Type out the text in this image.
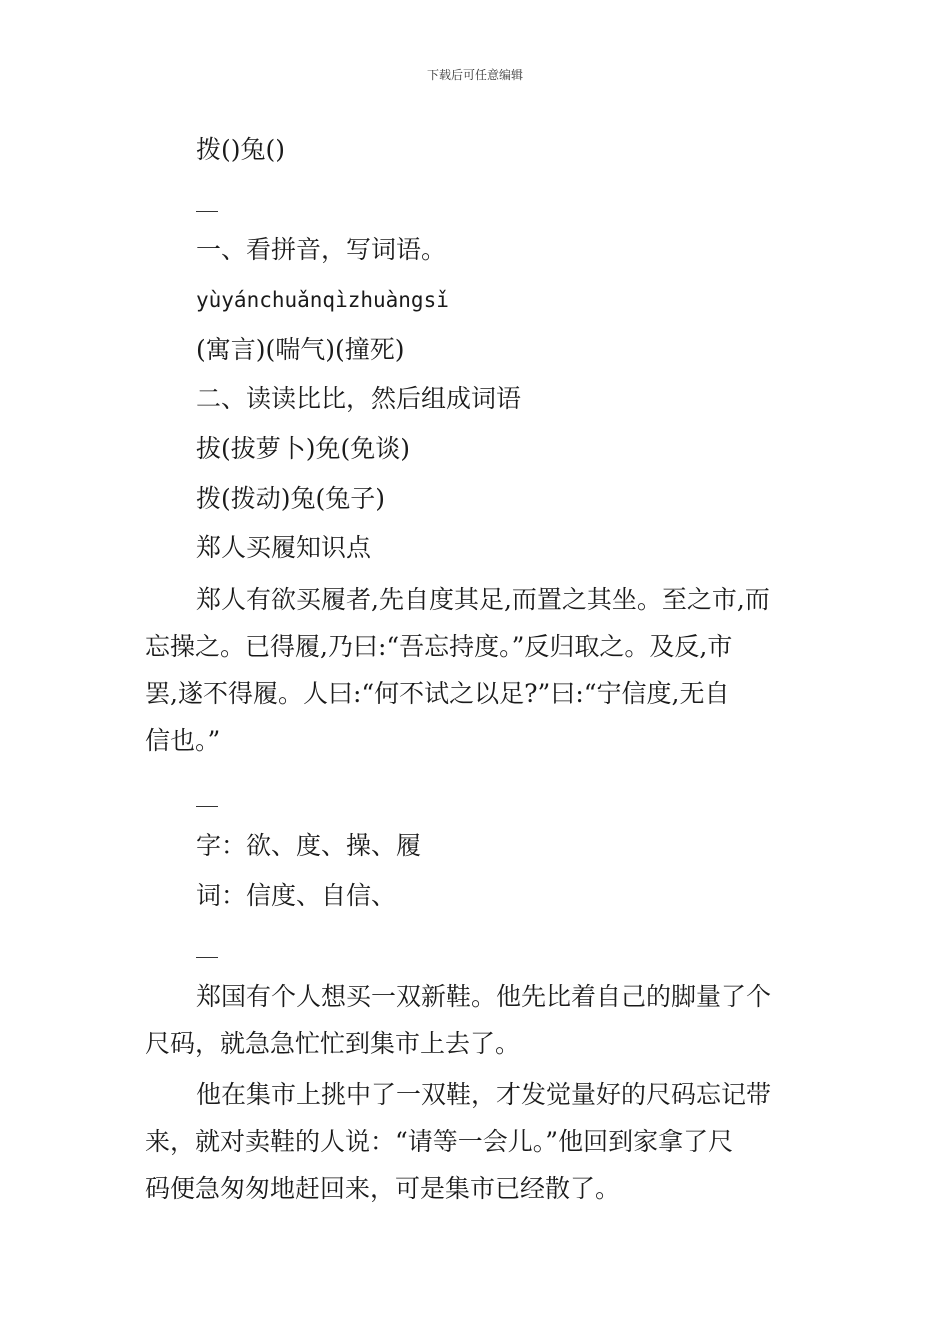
下载后可任意编辑
拨()兔()
一、看拼音，写词语。
yùyánchuǎnqìzhuàngsǐ
(寓言)(喘气)(撞死)
二、读读比比，然后组成词语
拔(拔萝卜)免(免谈)
拨(拨动)兔(兔子)
郑人买履知识点
郑人有欲买履者,先自度其足,而置之其坐。至之市,而
忘操之。已得履,乃曰:“吾忘持度。”反归取之。及反,市
罢,遂不得履。人曰:“何不试之以足?”曰:“宁信度,无自
信也。”
字：欲、度、操、履
词：信度、自信、
郑国有个人想买一双新鞋。他先比着自己的脚量了个
尺码，就急急忙忙到集市上去了。
他在集市上挑中了一双鞋，才发觉量好的尺码忘记带
来，就对卖鞋的人说：“请等一会儿。”他回到家拿了尺
码便急匆匆地赶回来，可是集市已经散了。
